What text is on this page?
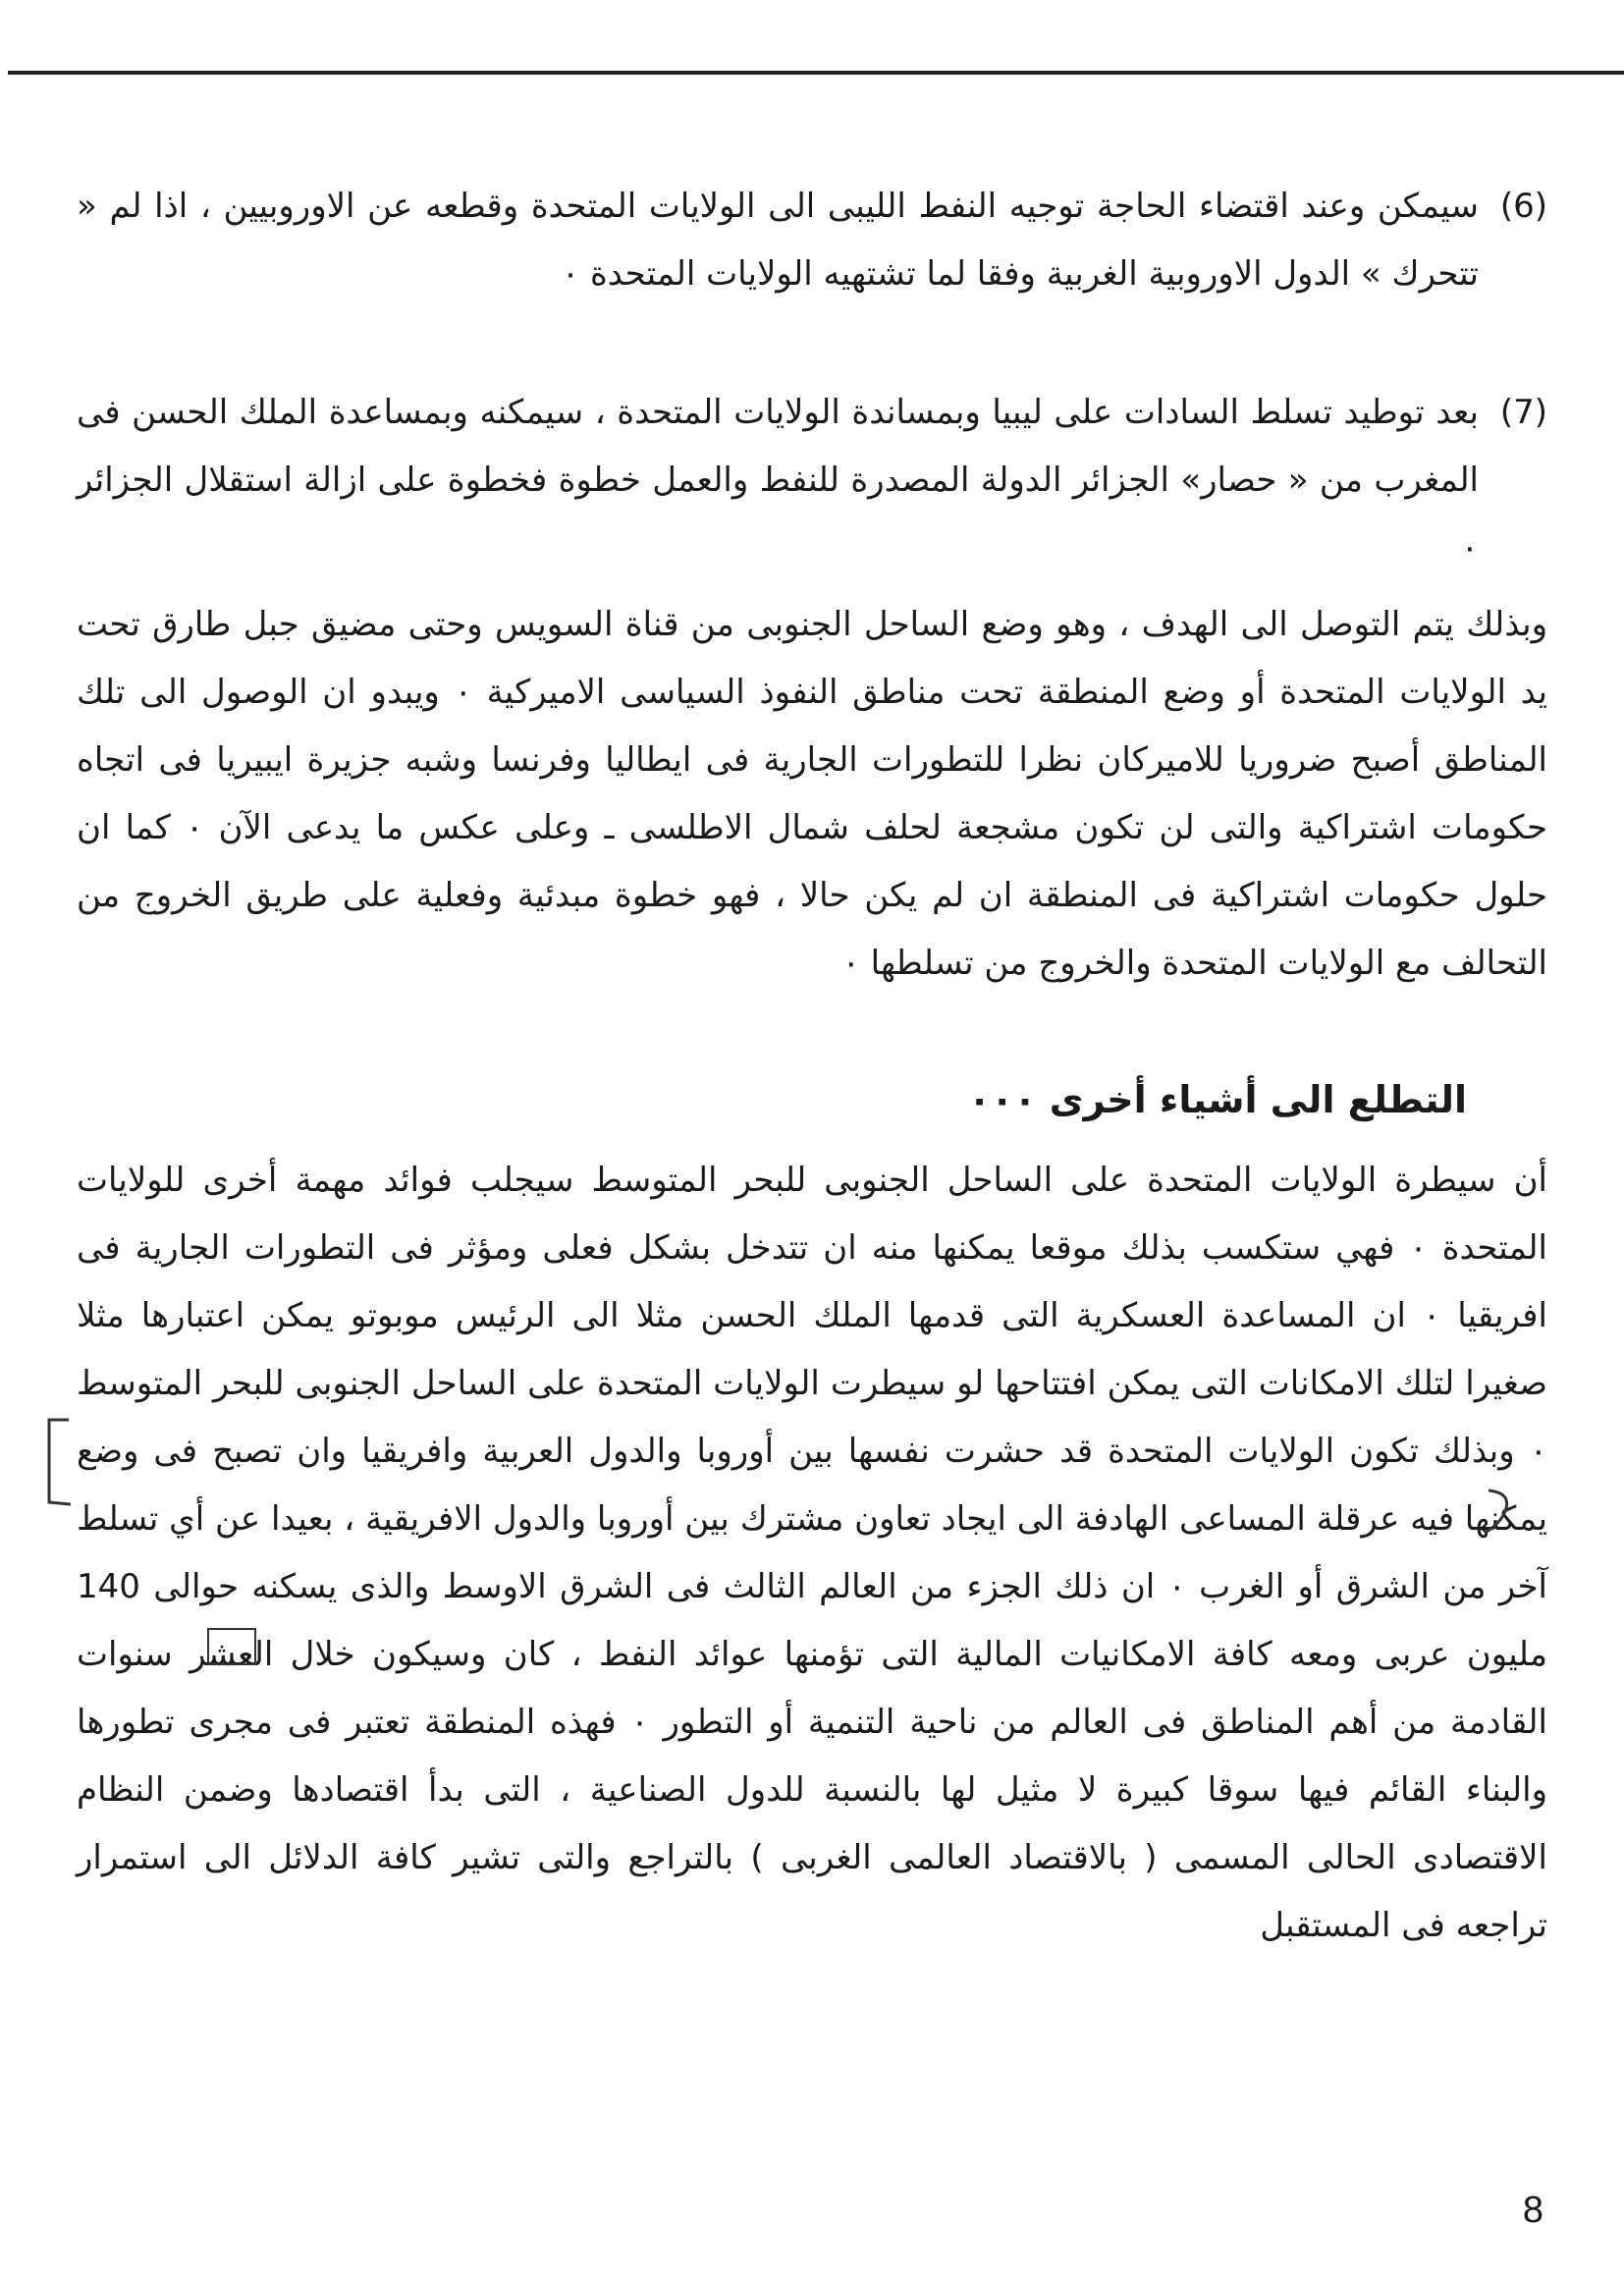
(6)

سيمكن وعند اقتضاء الحاجة توجيه النفط الليبى الى الولايات المتحدة وقطعه عن الاوروبيين ، اذا لم « تتحرك » الدول الاوروبية الغربية وفقا لما تشتهيه الولايات المتحدة ٠

(7)

بعد توطيد تسلط السادات على ليبيا وبمساندة الولايات المتحدة ، سيمكنه وبمساعدة الملك الحسن فى المغرب من « حصار» الجزائر الدولة المصدرة للنفط والعمل خطوة فخطوة على ازالة استقلال الجزائر ٠

وبذلك يتم التوصل الى الهدف ، وهو وضع الساحل الجنوبى من قناة السويس وحتى مضيق جبل طارق تحت يد الولايات المتحدة أو وضع المنطقة تحت مناطق النفوذ السياسى الاميركية ٠ ويبدو ان الوصول الى تلك المناطق أصبح ضروريا للاميركان نظرا للتطورات الجارية فى ايطاليا وفرنسا وشبه جزيرة ايبيريا فى اتجاه حكومات اشتراكية والتى لن تكون مشجعة لحلف شمال الاطلسى ـ وعلى عكس ما يدعى الآن ٠ كما ان حلول حكومات اشتراكية فى المنطقة ان لم يكن حالا ، فهو خطوة مبدئية وفعلية على طريق الخروج من التحالف مع الولايات المتحدة والخروج من تسلطها ٠

التطلع الى أشياء أخرى ٠٠٠

أن سيطرة الولايات المتحدة على الساحل الجنوبى للبحر المتوسط سيجلب فوائد مهمة أخرى للولايات المتحدة ٠ فهي ستكسب بذلك موقعا يمكنها منه ان تتدخل بشكل فعلى ومؤثر فى التطورات الجارية فى افريقيا ٠ ان المساعدة العسكرية التى قدمها الملك الحسن مثلا الى الرئيس موبوتو يمكن اعتبارها مثلا صغيرا لتلك الامكانات التى يمكن افتتاحها لو سيطرت الولايات المتحدة على الساحل الجنوبى للبحر المتوسط ٠ وبذلك تكون الولايات المتحدة قد حشرت نفسها بين أوروبا والدول العربية وافريقيا وان تصبح فى وضع يمكنها فيه عرقلة المساعى الهادفة الى ايجاد تعاون مشترك بين أوروبا والدول الافريقية ، بعيدا عن أي تسلط آخر من الشرق أو الغرب ٠ ان ذلك الجزء من العالم الثالث فى الشرق الاوسط والذى يسكنه حوالى 140 مليون عربى ومعه كافة الامكانيات المالية التى تؤمنها عوائد النفط ، كان وسيكون خلال العشر سنوات القادمة من أهم المناطق فى العالم من ناحية التنمية أو التطور ٠ فهذه المنطقة تعتبر فى مجرى تطورها والبناء القائم فيها سوقا كبيرة لا مثيل لها بالنسبة للدول الصناعية ، التى بدأ اقتصادها وضمن النظام الاقتصادى الحالى المسمى ( بالاقتصاد العالمى الغربى ) بالتراجع والتى تشير كافة الدلائل الى استمرار تراجعه فى المستقبل

8
